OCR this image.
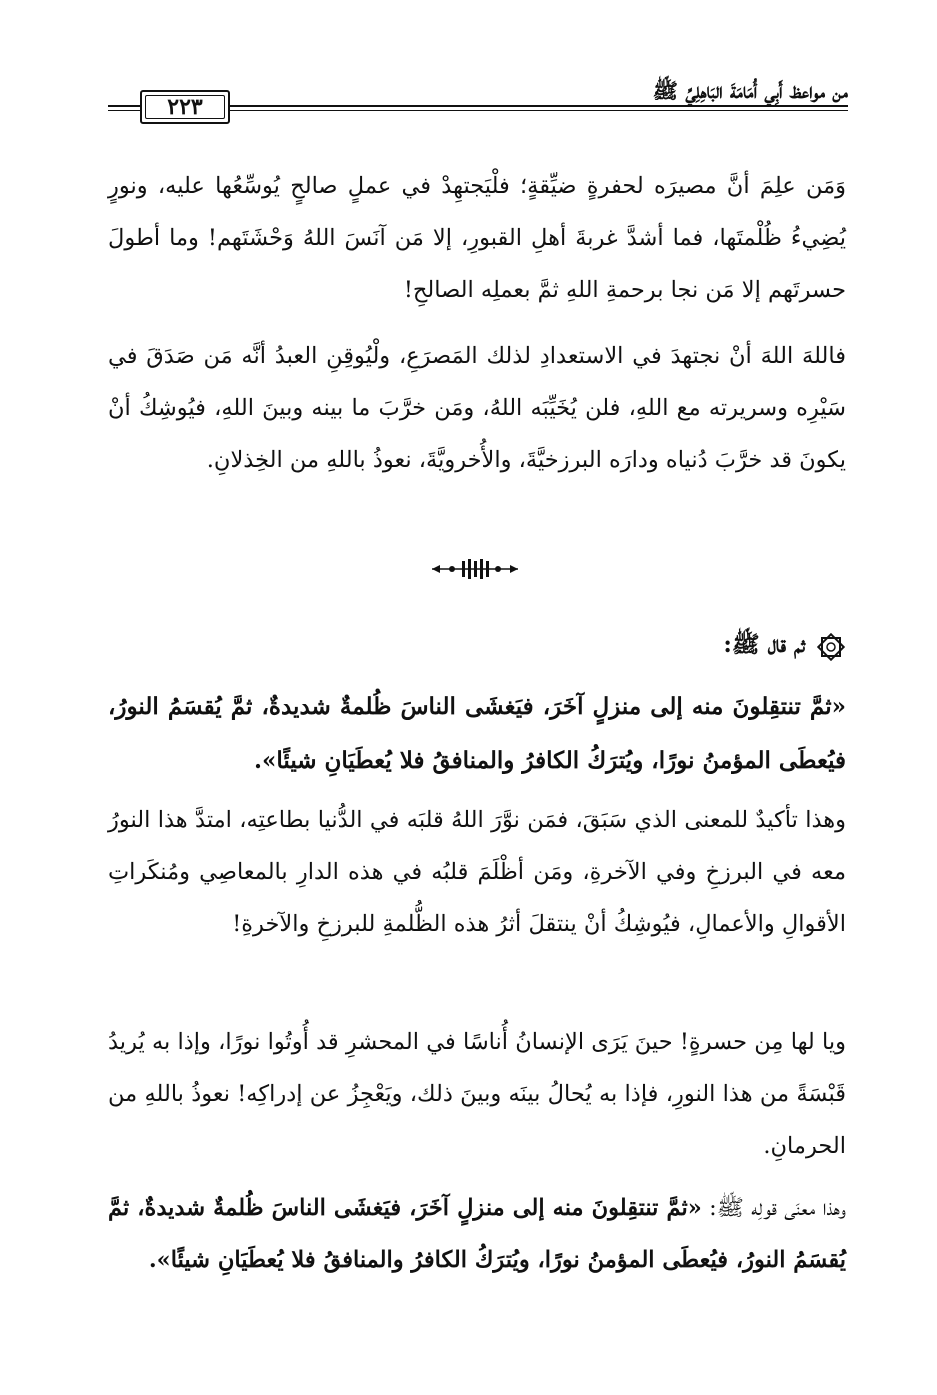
٢٢٣
من مواعظ أَبِي أُمَامَةَ البَاهِلِيِّ ﷺ

وَمَن علِمَ أنَّ مصيرَه لحفرةٍ ضيِّقةٍ؛ فلْيَجتهِدْ في عملٍ صالحٍ يُوسِّعُها عليه، ونورٍ يُضِيءُ ظُلْمتَها، فما أشدَّ غربةَ أهلِ القبورِ، إلا مَن آنَسَ اللهُ وَحْشَتَهم! وما أطولَ حسرتَهم إلا مَن نجا برحمةِ اللهِ ثمَّ بعملِه الصالحِ!

فاللهَ اللهَ أنْ نجتهدَ في الاستعدادِ لذلك المَصرَعِ، ولْيُوقِنِ العبدُ أنَّه مَن صَدَقَ في سَيْرِه وسريرته مع اللهِ، فلن يُخَيِّبَه اللهُ، ومَن خرَّبَ ما بينه وبينَ اللهِ، فيُوشِكُ أنْ يكونَ قد خرَّبَ دُنياه ودارَه البرزخيَّةَ، والأُخرويَّةَ، نعوذُ باللهِ من الخِذلانِ.

ثم قال ﷺ:

«ثمَّ تنتقِلونَ منه إلى منزلٍ آخَرَ، فيَغشَى الناسَ ظُلمةٌ شديدةٌ، ثمَّ يُقسَمُ النورُ، فيُعطَى المؤمنُ نورًا، ويُترَكُ الكافرُ والمنافقُ فلا يُعطَيَانِ شيئًا».

وهذا تأكيدٌ للمعنى الذي سَبَقَ، فمَن نوَّرَ اللهُ قلبَه في الدُّنيا بطاعتِه، امتدَّ هذا النورُ معه في البرزخِ وفي الآخرةِ، ومَن أظْلَمَ قلبُه في هذه الدارِ بالمعاصِي ومُنكَراتِ الأقوالِ والأعمالِ، فيُوشِكُ أنْ ينتقلَ أثرُ هذه الظُّلمةِ للبرزخِ والآخرةِ!

ويا لها مِن حسرةٍ! حينَ يَرَى الإنسانُ أُناسًا في المحشرِ قد أُوتُوا نورًا، وإذا به يُريدُ قَبْسَةً من هذا النورِ، فإذا به يُحالُ بينَه وبينَ ذلك، ويَعْجِزُ عن إدراكِه! نعوذُ باللهِ من الحرمانِ.

وهذا معنَى قولِه ﷺ: «ثمَّ تنتقِلونَ منه إلى منزلٍ آخَرَ، فيَغشَى الناسَ ظُلمةٌ شديدةٌ، ثمَّ يُقسَمُ النورُ، فيُعطَى المؤمنُ نورًا، ويُترَكُ الكافرُ والمنافقُ فلا يُعطَيَانِ شيئًا».
